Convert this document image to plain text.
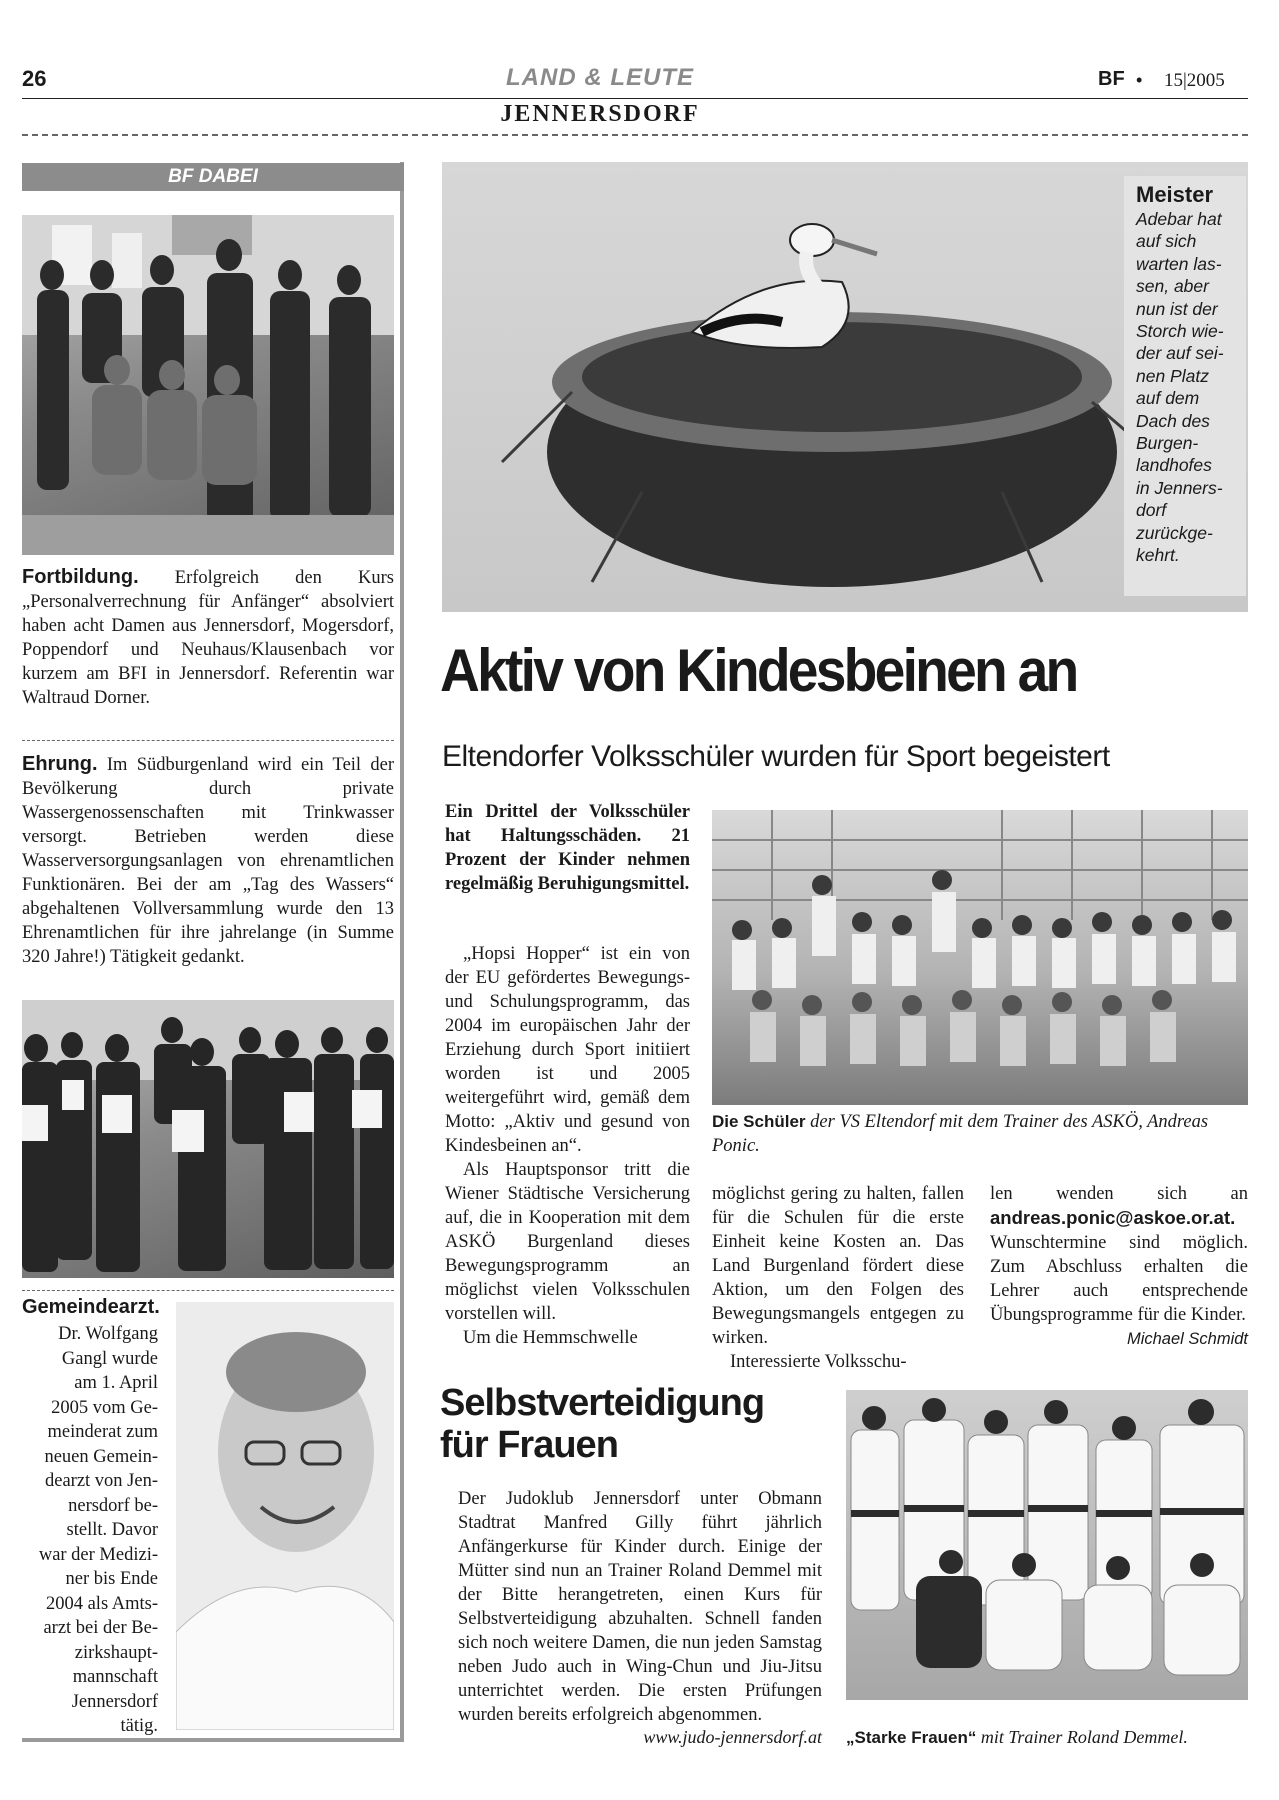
26	LAND & LEUTE	BF • 15|2005
JENNERSDORF
BF DABEI
Fortbildung. Erfolgreich den Kurs „Personalverrechnung für Anfänger“ absolviert haben acht Damen aus Jennersdorf, Mogersdorf, Poppendorf und Neuhaus/Klausenbach vor kurzem am BFI in Jennersdorf. Referentin war Waltraud Dorner.
Ehrung. Im Südburgenland wird ein Teil der Bevölkerung durch private Wassergenossenschaften mit Trinkwasser versorgt. Betrieben werden diese Wasserversorgungsanlagen von ehrenamtlichen Funktionären. Bei der am „Tag des Wassers“ abgehaltenen Vollversammlung wurde den 13 Ehrenamtlichen für ihre jahrelange (in Summe 320 Jahre!) Tätigkeit gedankt.
Gemeindearzt.
Dr. Wolfgang
Gangl wurde
am 1. April
2005 vom Ge-
meinderat zum
neuen Gemein-
dearzt von Jen-
nersdorf be-
stellt. Davor
war der Medizi-
ner bis Ende
2004 als Amts-
arzt bei der Be-
zirkshaupt-
mannschaft
Jennersdorf
tätig.
Meister
Adebar hat
auf sich
warten las-
sen, aber
nun ist der
Storch wie-
der auf sei-
nen Platz
auf dem
Dach des
Burgen-
landhofes
in Jenners-
dorf
zurückge-
kehrt.
Aktiv von Kindesbeinen an
Eltendorfer Volksschüler wurden für Sport begeistert
Ein Drittel der Volksschüler hat Haltungsschäden. 21 Prozent der Kinder nehmen regelmäßig Beruhigungsmittel.

„Hopsi Hopper“ ist ein von der EU gefördertes Bewegungs- und Schulungsprogramm, das 2004 im europäischen Jahr der Erziehung durch Sport initiiert worden ist und 2005 weitergeführt wird, gemäß dem Motto: „Aktiv und gesund von Kindesbeinen an“.

Als Hauptsponsor tritt die Wiener Städtische Versicherung auf, die in Kooperation mit dem ASKÖ Burgenland dieses Bewegungsprogramm an möglichst vielen Volksschulen vorstellen will.

Um die Hemmschwelle

Die Schüler der VS Eltendorf mit dem Trainer des ASKÖ, Andreas Ponic.

möglichst gering zu halten, fallen für die Schulen für die erste Einheit keine Kosten an. Das Land Burgenland fördert diese Aktion, um den Folgen des Bewegungsmangels entgegen zu wirken.

Interessierte Volksschu-

len wenden sich an andreas.ponic@askoe.or.at. Wunschtermine sind möglich. Zum Abschluss erhalten die Lehrer auch entsprechende Übungsprogramme für die Kinder.
Michael Schmidt
Selbstverteidigung
für Frauen
Der Judoklub Jennersdorf unter Obmann Stadtrat Manfred Gilly führt jährlich Anfängerkurse für Kinder durch. Einige der Mütter sind nun an Trainer Roland Demmel mit der Bitte herangetreten, einen Kurs für Selbstverteidigung abzuhalten. Schnell fanden sich noch weitere Damen, die nun jeden Samstag neben Judo auch in Wing-Chun und Jiu-Jitsu unterrichtet werden. Die ersten Prüfungen wurden bereits erfolgreich abgenommen.
www.judo-jennersdorf.at „Starke Frauen“ mit Trainer Roland Demmel.
